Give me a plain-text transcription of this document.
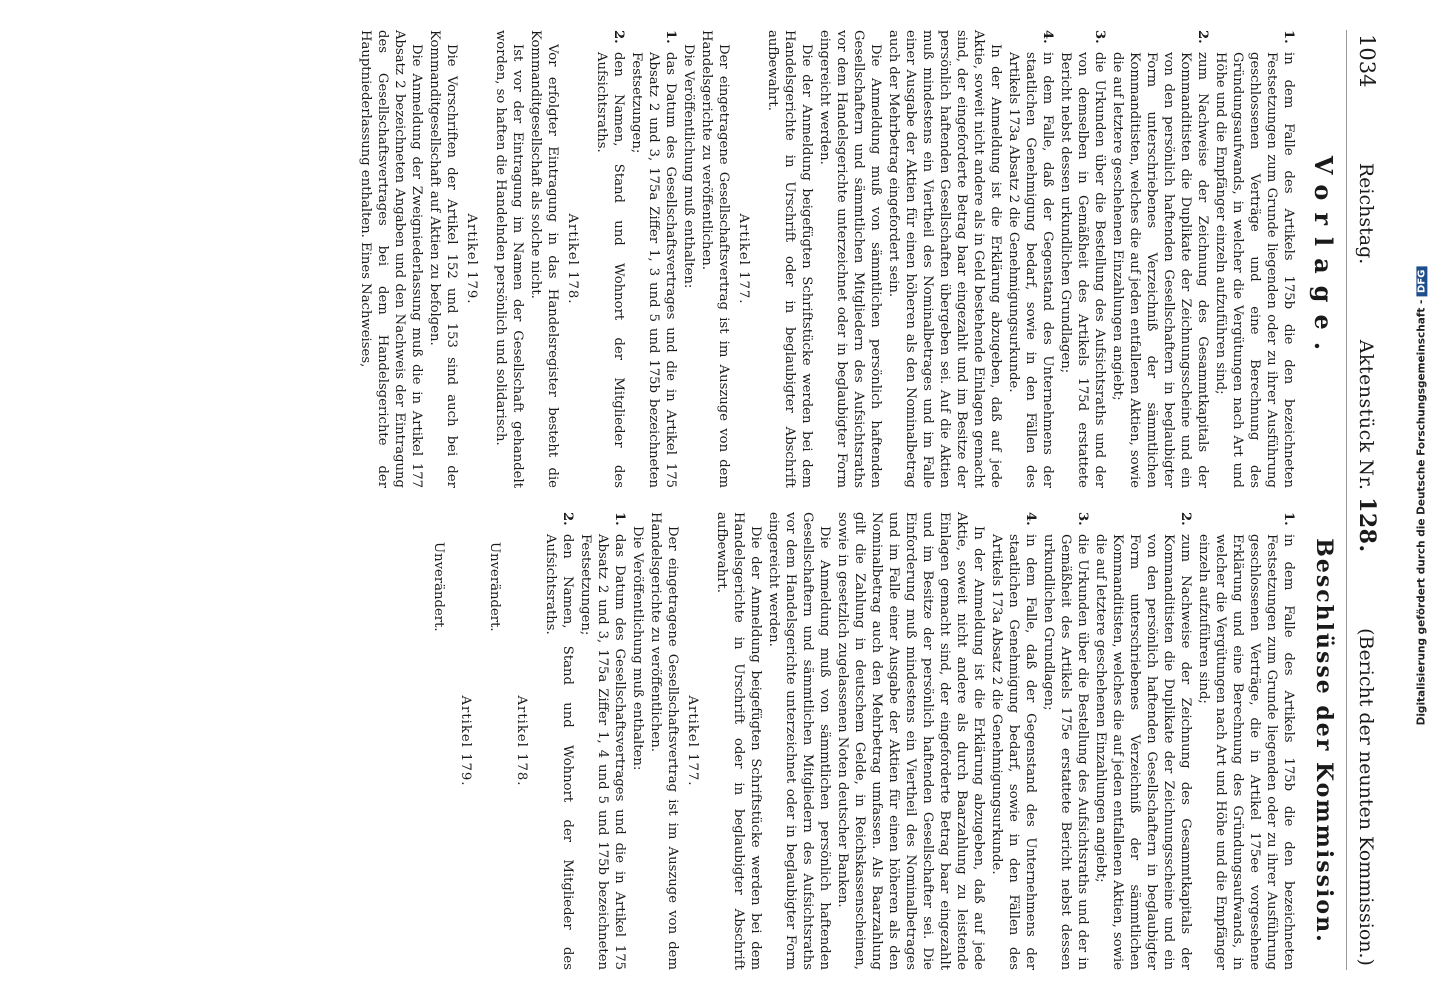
1034
Reichstag.
Aktenstück Nr. 128.
(Bericht der neunten Kommission.)
Vorlage.
1.
in dem Falle des Artikels 175b die den bezeichneten Festsetzungen zum Grunde liegenden oder zu ihrer Ausführung geschlossenen Verträge und eine Berechnung des Gründungsaufwands, in welcher die Vergütungen nach Art und Höhe und die Empfänger einzeln aufzuführen sind;
2.
zum Nachweise der Zeichnung des Gesammtkapitals der Kommanditisten die Duplikate der Zeichnungsscheine und ein von den persönlich haftenden Gesellschaftern in beglaubigter Form unterschriebenes Verzeichniß der sämmtlichen Kommanditisten, welches die auf jeden entfallenen Aktien, sowie die auf letztere geschehenen Einzahlungen angiebt;
3.
die Urkunden über die Bestellung des Aufsichtsraths und der von demselben in Gemäßheit des Artikels 175d erstattete Bericht nebst dessen urkundlichen Grundlagen;
4.
in dem Falle, daß der Gegenstand des Unternehmens der staatlichen Genehmigung bedarf, sowie in den Fällen des Artikels 173a Absatz 2 die Genehmigungsurkunde.

In der Anmeldung ist die Erklärung abzugeben, daß auf jede Aktie, soweit nicht andere als in Geld bestehende Einlagen gemacht sind, der eingeforderte Betrag baar eingezahlt und im Besitze der persönlich haftenden Gesellschaften übergeben sei. Auf die Aktien muß mindestens ein Viertheil des Nominalbetrages und im Falle einer Ausgabe der Aktien für einen höheren als den Nominalbetrag auch der Mehrbetrag eingefordert sein.

Die Anmeldung muß von sämmtlichen persönlich haftenden Gesellschaftern und sämmtlichen Mitgliedern des Aufsichtsraths vor dem Handelsgerichte unterzeichnet oder in beglaubigter Form eingereicht werden.

Die der Anmeldung beigefügten Schriftstücke werden bei dem Handelsgerichte in Urschrift oder in beglaubigter Abschrift aufbewahrt.

Artikel 177.

Der eingetragene Gesellschaftsvertrag ist im Auszuge von dem Handelsgerichte zu veröffentlichen.

Die Veröffentlichung muß enthalten:

1.
das Datum des Gesellschaftsvertrages und die in Artikel 175 Absatz 2 und 3, 175a Ziffer 1, 3 und 5 und 175b bezeichneten Festsetzungen;
2.
den Namen, Stand und Wohnort der Mitglieder des Aufsichtsraths.
Artikel 178.

Vor erfolgter Eintragung in das Handelsregister besteht die Kommanditgesellschaft als solche nicht.

Ist vor der Eintragung im Namen der Gesellschaft gehandelt worden, so haften die Handelnden persönlich und solidarisch.

Artikel 179.

Die Vorschriften der Artikel 152 und 153 sind auch bei der Kommanditgesellschaft auf Aktien zu befolgen.

Die Anmeldung der Zweigniederlassung muß die in Artikel 177 Absatz 2 bezeichneten Angaben und den Nachweis der Eintragung des Gesellschaftsvertrages bei dem Handelsgerichte der Hauptniederlassung enthalten. Eines Nachweises,

Beschlüsse der Kommission.
1.
in dem Falle des Artikels 175b die den bezeichneten Festsetzungen zum Grunde liegenden oder zu ihrer Ausführung geschlossenen Verträge, die in Artikel 175ee vorgesehene Erklärung und eine Berechnung des Gründungsaufwands, in welcher die Vergütungen nach Art und Höhe und die Empfänger einzeln aufzuführen sind;
2.
zum Nachweise der Zeichnung des Gesammtkapitals der Kommanditisten die Duplikate der Zeichnungsscheine und ein von den persönlich haftenden Gesellschaftern in beglaubigter Form unterschriebenes Verzeichniß der sämmtlichen Kommanditisten, welches die auf jeden entfallenen Aktien, sowie die auf letztere geschehenen Einzahlungen angiebt;
3.
die Urkunden über die Bestellung des Aufsichtsraths und der in Gemäßheit des Artikels 175e erstattete Bericht nebst dessen urkundlichen Grundlagen;
4.
in dem Falle, daß der Gegenstand des Unternehmens der staatlichen Genehmigung bedarf, sowie in den Fällen des Artikels 173a Absatz 2 die Genehmigungsurkunde.

In der Anmeldung ist die Erklärung abzugeben, daß auf jede Aktie, soweit nicht andere als durch Baarzahlung zu leistende Einlagen gemacht sind, der eingeforderte Betrag baar eingezahlt und im Besitze der persönlich haftenden Gesellschafter sei. Die Einforderung muß mindestens ein Viertheil des Nominalbetrages und im Falle einer Ausgabe der Aktien für einen höheren als den Nominalbetrag auch den Mehrbetrag umfassen. Als Baarzahlung gilt die Zahlung in deutschem Gelde, in Reichskassenscheinen, sowie in gesetzlich zugelassenen Noten deutscher Banken.

Die Anmeldung muß von sämmtlichen persönlich haftenden Gesellschaftern und sämmtlichen Mitgliedern des Aufsichtsraths vor dem Handelsgerichte unterzeichnet oder in beglaubigter Form eingereicht werden.

Die der Anmeldung beigefügten Schriftstücke werden bei dem Handelsgerichte in Urschrift oder in beglaubigter Abschrift aufbewahrt.

Artikel 177.

Der eingetragene Gesellschaftsvertrag ist im Auszuge von dem Handelsgerichte zu veröffentlichen.

Die Veröffentlichung muß enthalten:

1.
das Datum des Gesellschaftsvertrages und die in Artikel 175 Absatz 2 und 3, 175a Ziffer 1, 4 und 5 und 175b bezeichneten Festsetzungen;
2.
den Namen, Stand und Wohnort der Mitglieder des Aufsichtsraths.
Artikel 178.
Unverändert.
Artikel 179.
Unverändert.	Digitalisierung gefördert durch die Deutsche Forschungsgemeinschaft - DFG
